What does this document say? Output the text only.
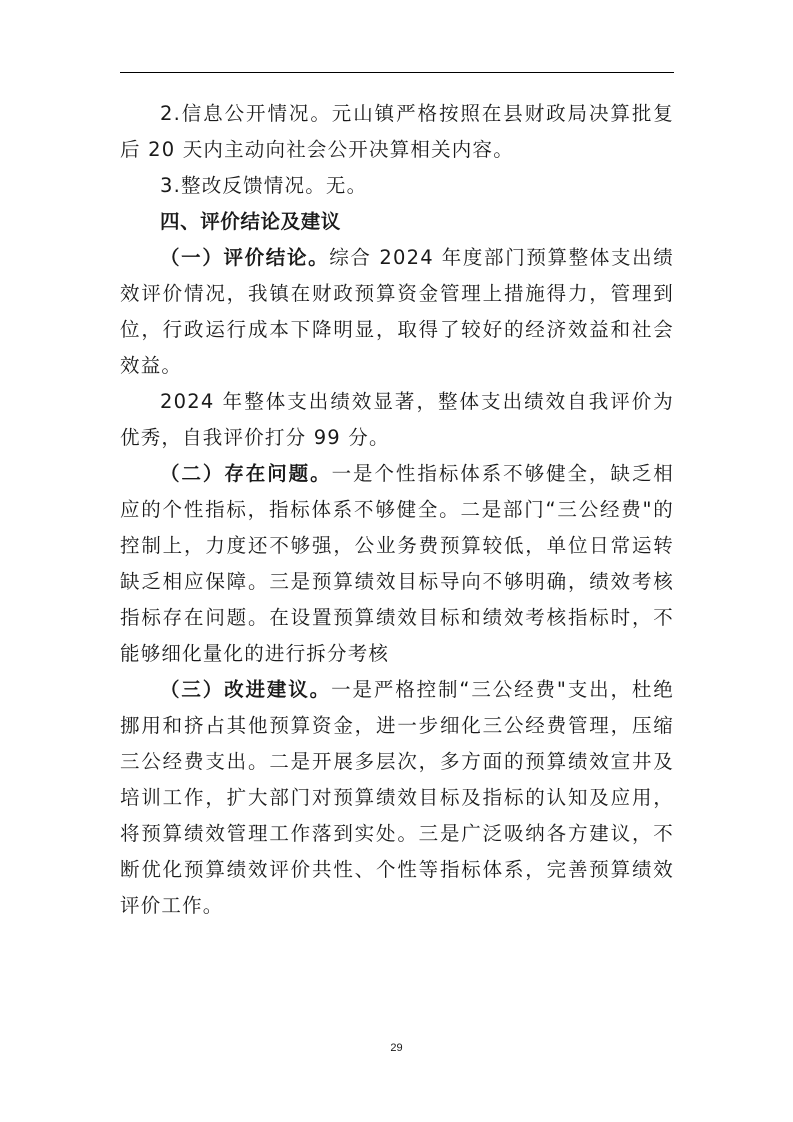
2.信息公开情况。元山镇严格按照在县财政局决算批复后 20 天内主动向社会公开决算相关内容。

3.整改反馈情况。无。

四、评价结论及建议

（一）评价结论。综合 2024 年度部门预算整体支出绩效评价情况，我镇在财政预算资金管理上措施得力，管理到位，行政运行成本下降明显，取得了较好的经济效益和社会效益。

2024 年整体支出绩效显著，整体支出绩效自我评价为优秀，自我评价打分 99 分。

（二）存在问题。一是个性指标体系不够健全，缺乏相应的个性指标，指标体系不够健全。二是部门“三公经费"的控制上，力度还不够强，公业务费预算较低，单位日常运转缺乏相应保障。三是预算绩效目标导向不够明确，绩效考核指标存在问题。在设置预算绩效目标和绩效考核指标时，不能够细化量化的进行拆分考核

（三）改进建议。一是严格控制“三公经费"支出，杜绝挪用和挤占其他预算资金，进一步细化三公经费管理，压缩三公经费支出。二是开展多层次，多方面的预算绩效宣井及培训工作，扩大部门对预算绩效目标及指标的认知及应用，将预算绩效管理工作落到实处。三是广泛吸纳各方建议，不断优化预算绩效评价共性、个性等指标体系，完善预算绩效评价工作。

29
